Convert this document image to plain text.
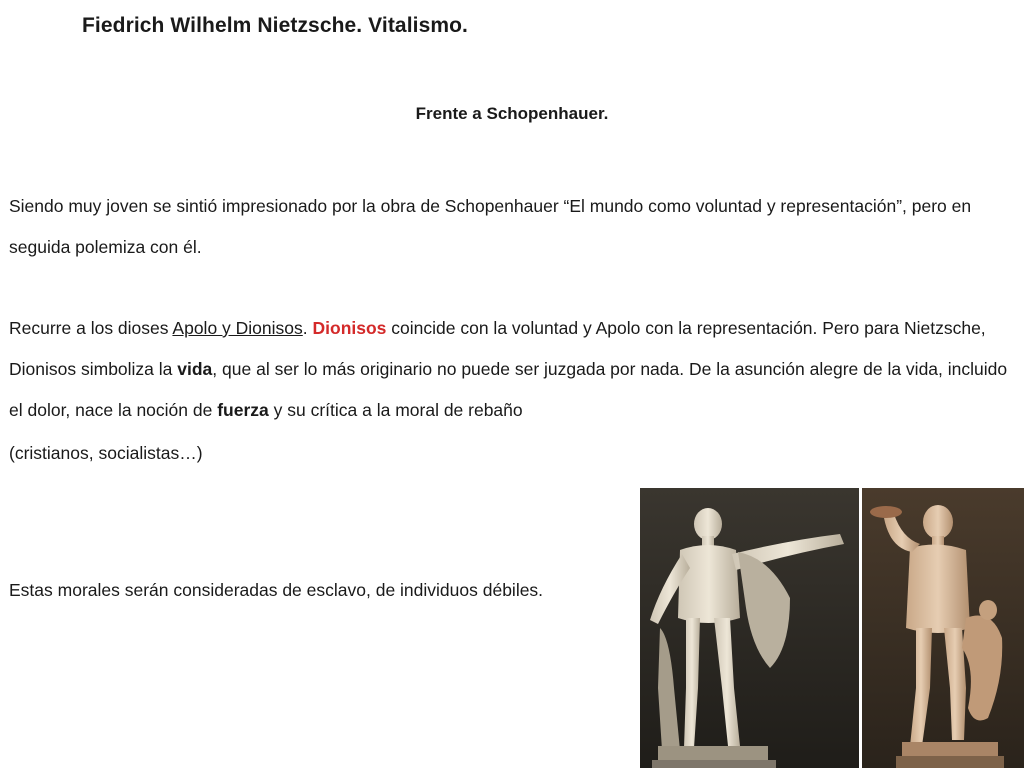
Fiedrich Wilhelm Nietzsche. Vitalismo.
Frente a Schopenhauer.
Siendo muy joven se sintió impresionado por la obra de Schopenhauer “El mundo como voluntad y representación”, pero en seguida polemiza con él.
Recurre a los dioses Apolo y Dionisos. Dionisos coincide con la voluntad y Apolo con la representación. Pero para Nietzsche, Dionisos simboliza la vida, que al ser lo más originario no puede ser juzgada por nada. De la asunción alegre de la vida, incluido el dolor, nace la noción de fuerza y su crítica a la moral de rebaño
(cristianos, socialistas…)
Estas morales serán consideradas de esclavo, de individuos débiles.
